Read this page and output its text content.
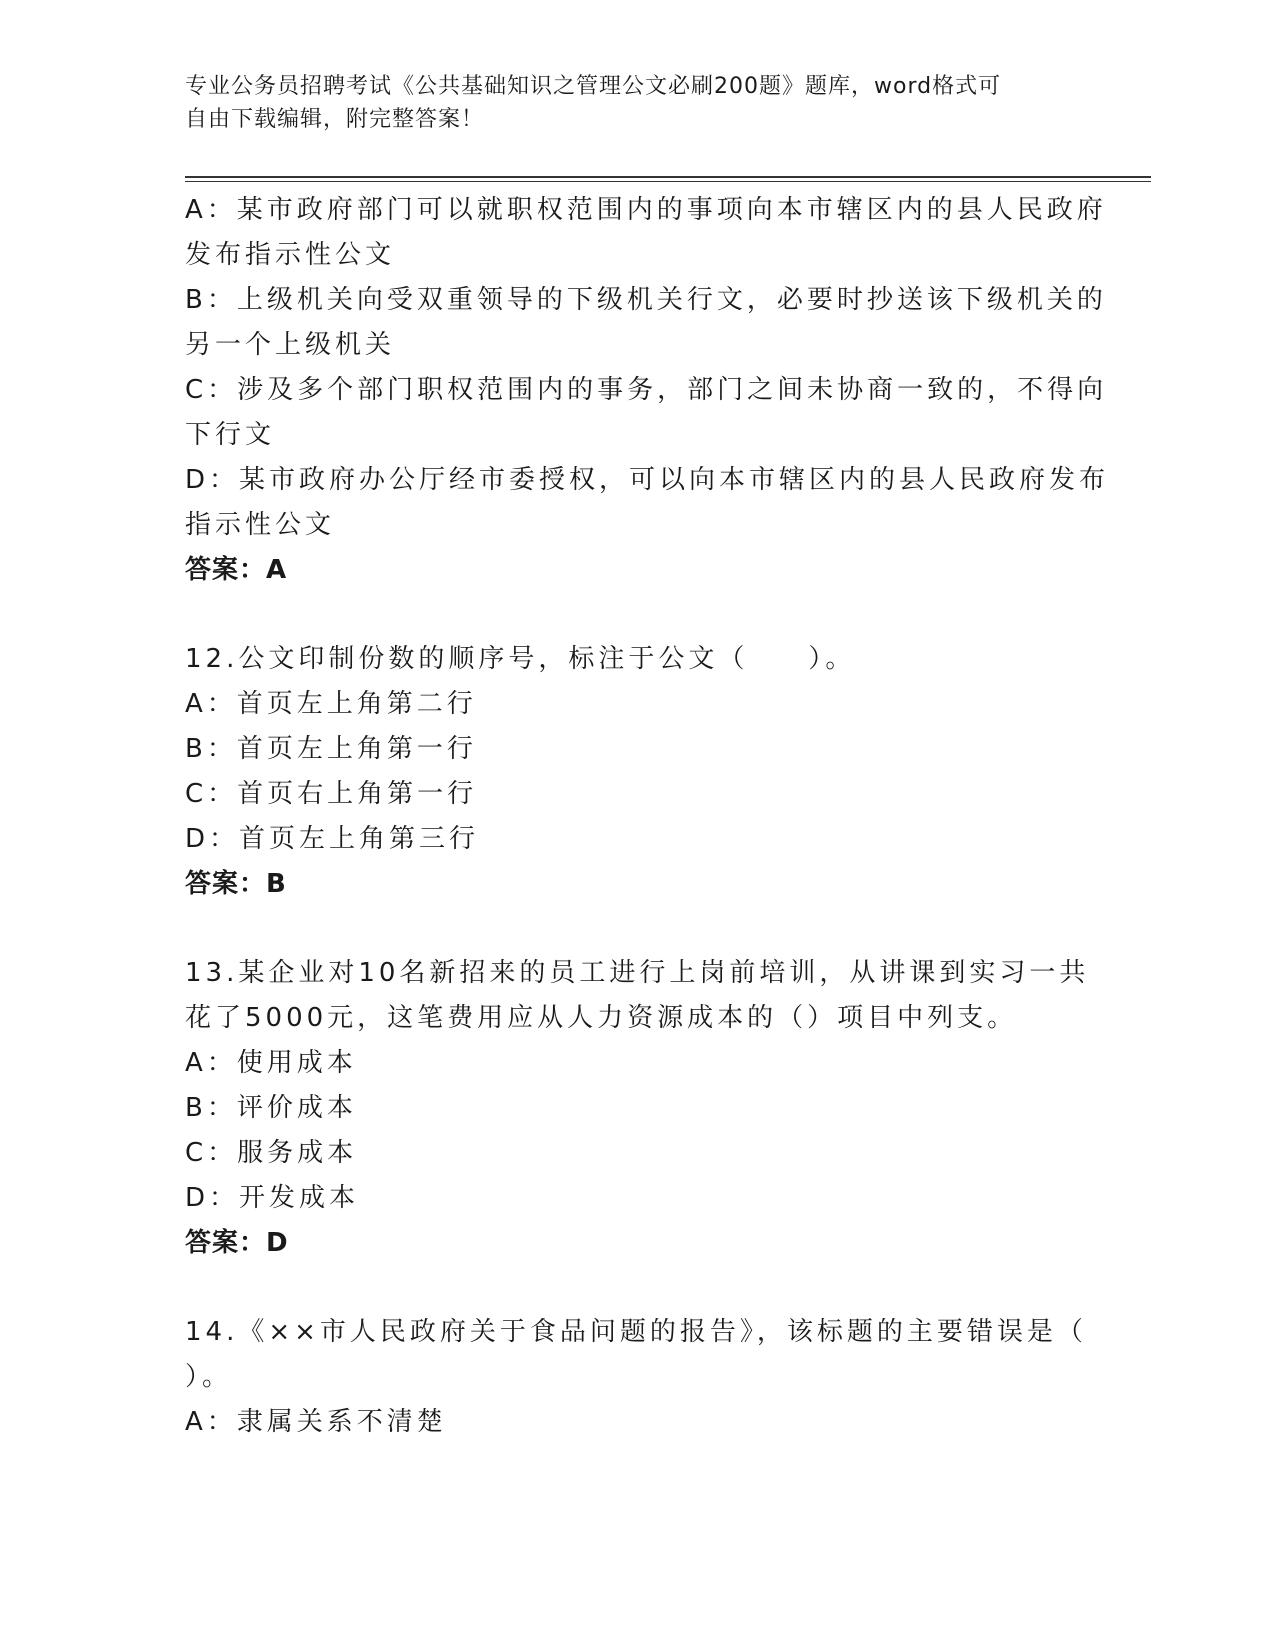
专业公务员招聘考试《公共基础知识之管理公文必刷200题》题库，word格式可
自由下载编辑，附完整答案！
A：某市政府部门可以就职权范围内的事项向本市辖区内的县人民政府
发布指示性公文
B：上级机关向受双重领导的下级机关行文，必要时抄送该下级机关的
另一个上级机关
C：涉及多个部门职权范围内的事务，部门之间未协商一致的，不得向
下行文
D：某市政府办公厅经市委授权，可以向本市辖区内的县人民政府发布
指示性公文
答案：A
12.公文印制份数的顺序号，标注于公文（　　）。
A：首页左上角第二行
B：首页左上角第一行
C：首页右上角第一行
D：首页左上角第三行
答案：B
13.某企业对10名新招来的员工进行上岗前培训，从讲课到实习一共
花了5000元，这笔费用应从人力资源成本的（）项目中列支。
A：使用成本
B：评价成本
C：服务成本
D：开发成本
答案：D
14.《××市人民政府关于食品问题的报告》，该标题的主要错误是（
）。
A：隶属关系不清楚
